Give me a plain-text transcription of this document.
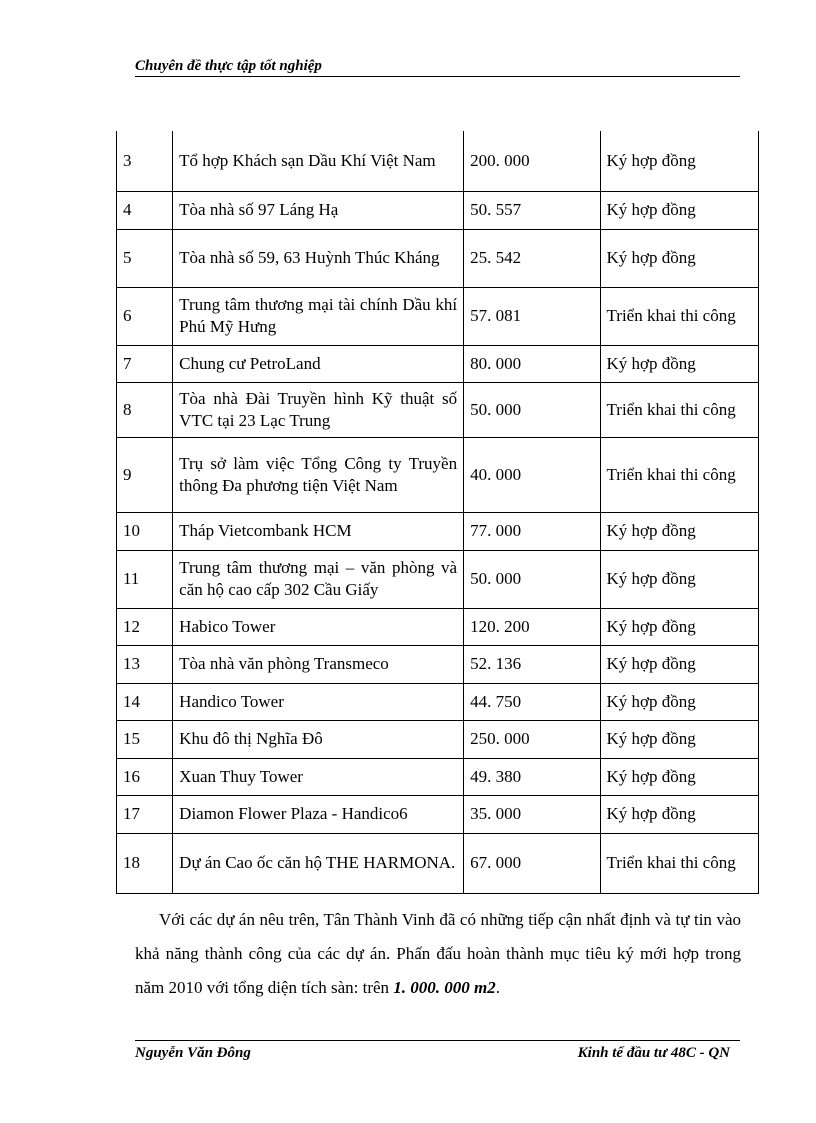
Chuyên đề thực tập tốt nghiệp
3	Tổ hợp Khách sạn Dầu Khí Việt Nam	200. 000	Ký hợp đồng
4	Tòa nhà số 97 Láng Hạ	50. 557	Ký hợp đồng
5	Tòa nhà số 59, 63 Huỳnh Thúc Kháng	25. 542	Ký hợp đồng
6	Trung tâm thương mại tài chính Dầu khí Phú Mỹ Hưng	57. 081	Triển khai thi công
7	Chung cư PetroLand	80. 000	Ký hợp đồng
8	Tòa nhà Đài Truyền hình Kỹ thuật số VTC tại 23 Lạc Trung	50. 000	Triển khai thi công
9	Trụ sở làm việc Tổng Công ty Truyền thông Đa phương tiện Việt Nam	40. 000	Triển khai thi công
10	Tháp Vietcombank HCM	77. 000	Ký hợp đồng
11	Trung tâm thương mại – văn phòng và căn hộ cao cấp 302 Cầu Giấy	50. 000	Ký hợp đồng
12	Habico Tower	120. 200	Ký hợp đồng
13	Tòa nhà văn phòng Transmeco	52. 136	Ký hợp đồng
14	Handico Tower	44. 750	Ký hợp đồng
15	Khu đô thị Nghĩa Đô	250. 000	Ký hợp đồng
16	Xuan Thuy Tower	49. 380	Ký hợp đồng
17	Diamon Flower Plaza - Handico6	35. 000	Ký hợp đồng
18	Dự án Cao ốc căn hộ THE HARMONA.	67. 000	Triển khai thi công
Với các dự án nêu trên, Tân Thành Vinh đã có những tiếp cận nhất định và tự tin vào khả năng thành công của các dự án. Phấn đấu hoàn thành mục tiêu ký mới hợp trong năm 2010 với tổng diện tích sàn: trên 1. 000. 000 m2.
Nguyễn Văn Đông	Kinh tế đầu tư 48C - QN
